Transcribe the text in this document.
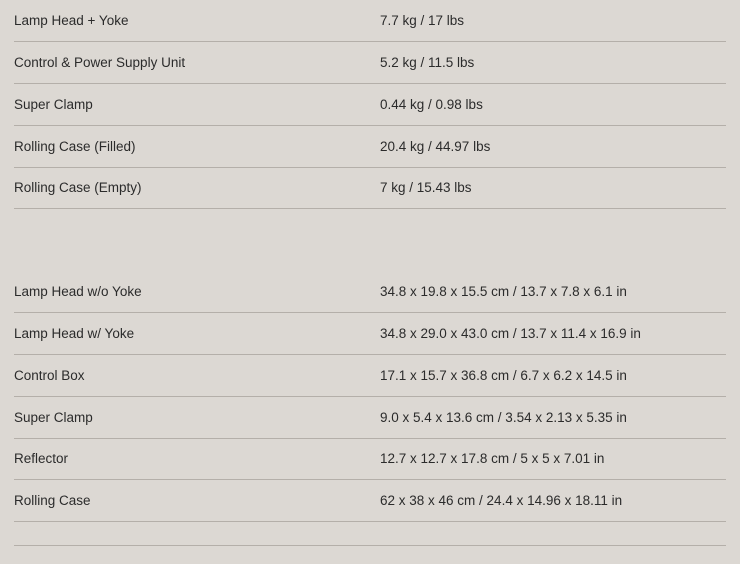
Lamp Head + Yoke	7.7 kg / 17 lbs
Control & Power Supply Unit	5.2 kg / 11.5 lbs
Super Clamp	0.44 kg / 0.98 lbs
Rolling Case (Filled)	20.4 kg / 44.97 lbs
Rolling Case (Empty)	7 kg / 15.43 lbs

Lamp Head w/o Yoke	34.8 x 19.8 x 15.5 cm / 13.7 x 7.8 x 6.1 in
Lamp Head w/ Yoke	34.8 x 29.0 x 43.0 cm / 13.7 x 11.4 x 16.9 in
Control Box	17.1 x 15.7 x 36.8 cm / 6.7 x 6.2 x 14.5 in
Super Clamp	9.0 x 5.4 x 13.6 cm / 3.54 x 2.13 x 5.35 in
Reflector	12.7 x 12.7 x 17.8 cm / 5 x 5 x 7.01 in
Rolling Case	62 x 38 x 46 cm / 24.4 x 14.96 x 18.11 in
